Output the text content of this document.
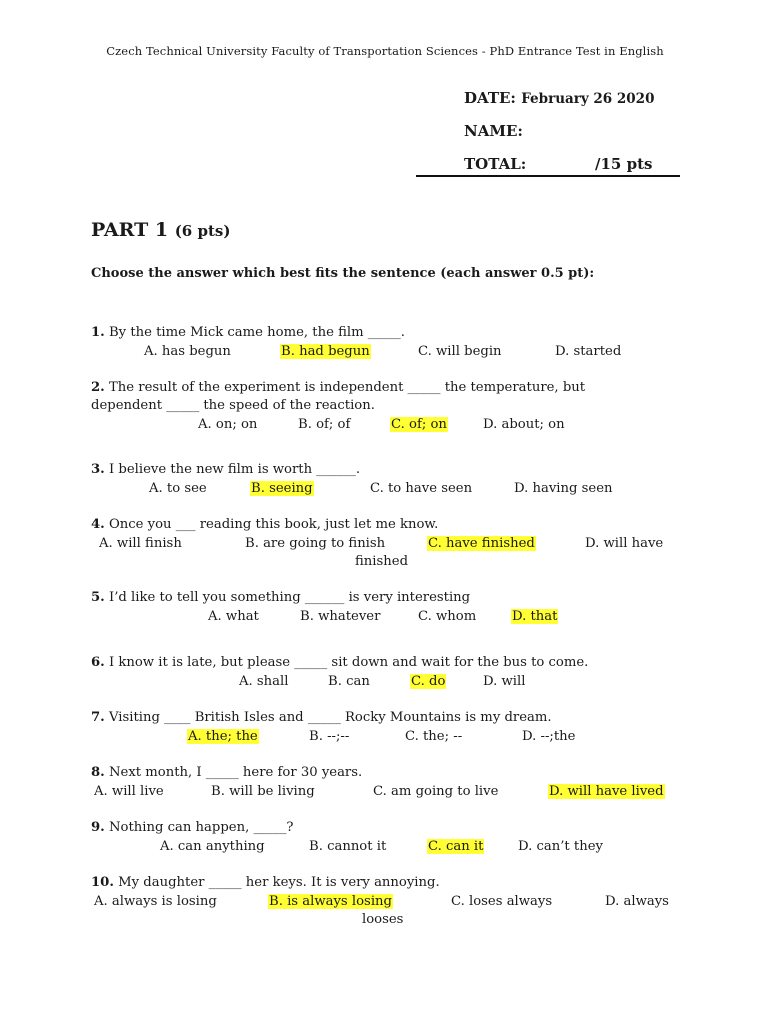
Czech Technical University Faculty of Transportation Sciences - PhD Entrance Test in English
DATE: February 26 2020
NAME:
TOTAL:	/15 pts
PART 1 (6 pts)
Choose the answer which best fits the sentence (each answer 0.5 pt):
1. By the time Mick came home, the film _____.
A. has begun	B. had begun	C. will begin	D. started
2. The result of the experiment is independent _____ the temperature, but
dependent _____ the speed of the reaction.
A. on; on	B. of; of	C. of; on	D. about; on
3. I believe the new film is worth ______.
A. to see	B. seeing	C. to have seen	D. having seen
4. Once you ___ reading this book, just let me know.
A. will finish	B. are going to finish	C. have finished	D. will have
finished
5. I’d like to tell you something ______ is very interesting
A. what	B. whatever	C. whom	D. that
6. I know it is late, but please _____ sit down and wait for the bus to come.
A. shall	B. can	C. do	D. will
7. Visiting ____ British Isles and _____ Rocky Mountains is my dream.
A. the; the	B. --;--	C. the; --	D. --;the
8. Next month, I _____ here for 30 years.
A. will live	B. will be living	C. am going to live	D. will have lived
9. Nothing can happen, _____?
A. can anything	B. cannot it	C. can it	D. can’t they
10. My daughter _____ her keys. It is very annoying.
A. always is losing	B. is always losing	C. loses always	D. always
looses
